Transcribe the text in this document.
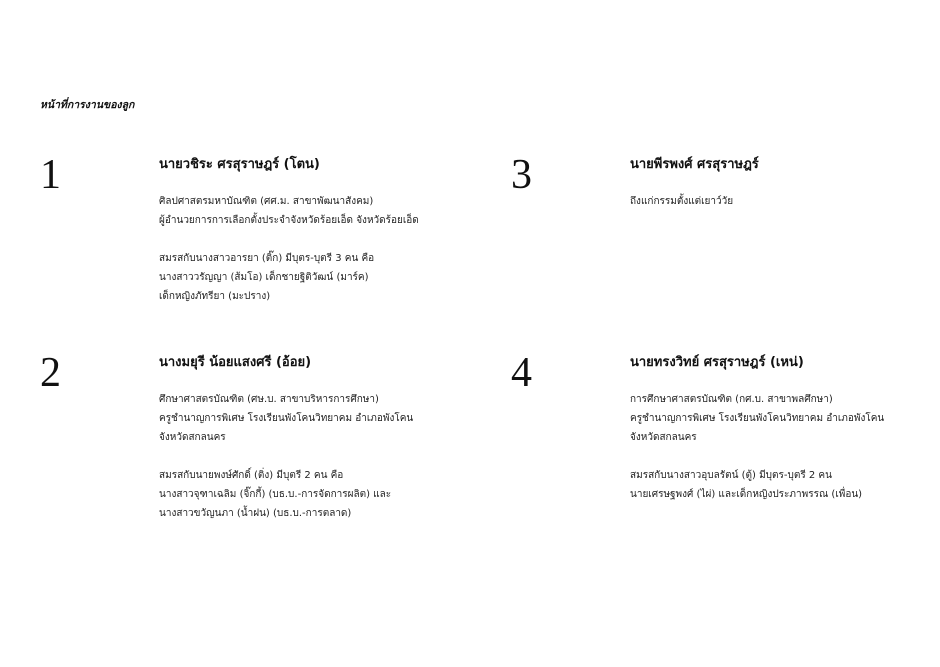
หน้าที่การงานของลูก
1	นายวชิระ ศรสุราษฎร์ (โตน)
ศิลปศาสตรมหาบัณฑิต (ศศ.ม. สาขาพัฒนาสังคม)
ผู้อำนวยการการเลือกตั้งประจำจังหวัดร้อยเอ็ด จังหวัดร้อยเอ็ด
สมรสกับนางสาวอารยา (ติ๊ก) มีบุตร-บุตรี 3 คน คือ
นางสาววรัญญา (ส้มโอ) เด็กชายฐิติวัฒน์ (มาร์ค)
เด็กหญิงภัทรียา (มะปราง)
2	นางมยุรี น้อยแสงศรี (อ้อย)
ศึกษาศาสตรบัณฑิต (ศษ.บ. สาขาบริหารการศึกษา)
ครูชำนาญการพิเศษ โรงเรียนพังโคนวิทยาคม อำเภอพังโคน
จังหวัดสกลนคร
สมรสกับนายพงษ์ศักดิ์ (ติ่ง) มีบุตรี 2 คน คือ
นางสาวจุฑาเฉลิม (จิ๊กกี้) (บธ.บ.-การจัดการผลิต) และ
นางสาวขวัญนภา (น้ำฝน) (บธ.บ.-การตลาด)
3	นายพีรพงศ์ ศรสุราษฎร์
ถึงแก่กรรมตั้งแต่เยาว์วัย
4	นายทรงวิทย์ ศรสุราษฎร์ (เหน่)
การศึกษาศาสตรบัณฑิต (กศ.บ. สาขาพลศึกษา)
ครูชำนาญการพิเศษ โรงเรียนพังโคนวิทยาคม อำเภอพังโคน
จังหวัดสกลนคร
สมรสกับนางสาวอุบลรัตน์ (ตู้) มีบุตร-บุตรี 2 คน
นายเศรษฐพงศ์ (ไผ่) และเด็กหญิงประภาพรรณ (เพื่อน)
